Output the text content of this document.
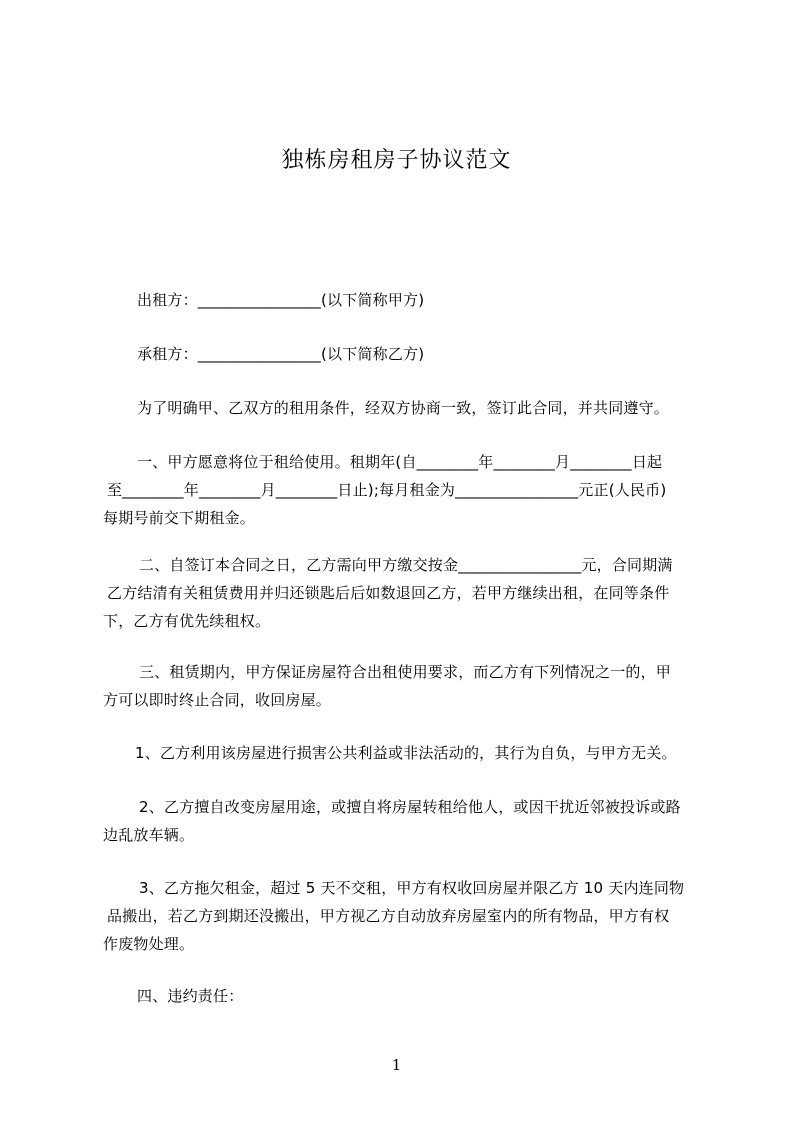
独栋房租房子协议范文
出租方：________________(以下简称甲方)
承租方：________________(以下简称乙方)
为了明确甲、乙双方的租用条件，经双方协商一致，签订此合同，并共同遵守。
一、甲方愿意将位于租给使用。租期年(自________年________月________日起
至________年________月________日止);每月租金为________________元正(人民币)
每期号前交下期租金。
二、自签订本合同之日，乙方需向甲方缴交按金________________元，合同期满
乙方结清有关租赁费用并归还锁匙后后如数退回乙方，若甲方继续出租，在同等条件
下，乙方有优先续租权。
三、租赁期内，甲方保证房屋符合出租使用要求，而乙方有下列情况之一的，甲
方可以即时终止合同，收回房屋。
1、乙方利用该房屋进行损害公共利益或非法活动的，其行为自负，与甲方无关。
2、乙方擅自改变房屋用途，或擅自将房屋转租给他人，或因干扰近邻被投诉或路
边乱放车辆。
3、乙方拖欠租金，超过 5 天不交租，甲方有权收回房屋并限乙方 10 天内连同物
品搬出，若乙方到期还没搬出，甲方视乙方自动放弃房屋室内的所有物品，甲方有权
作废物处理。
四、违约责任：
1
